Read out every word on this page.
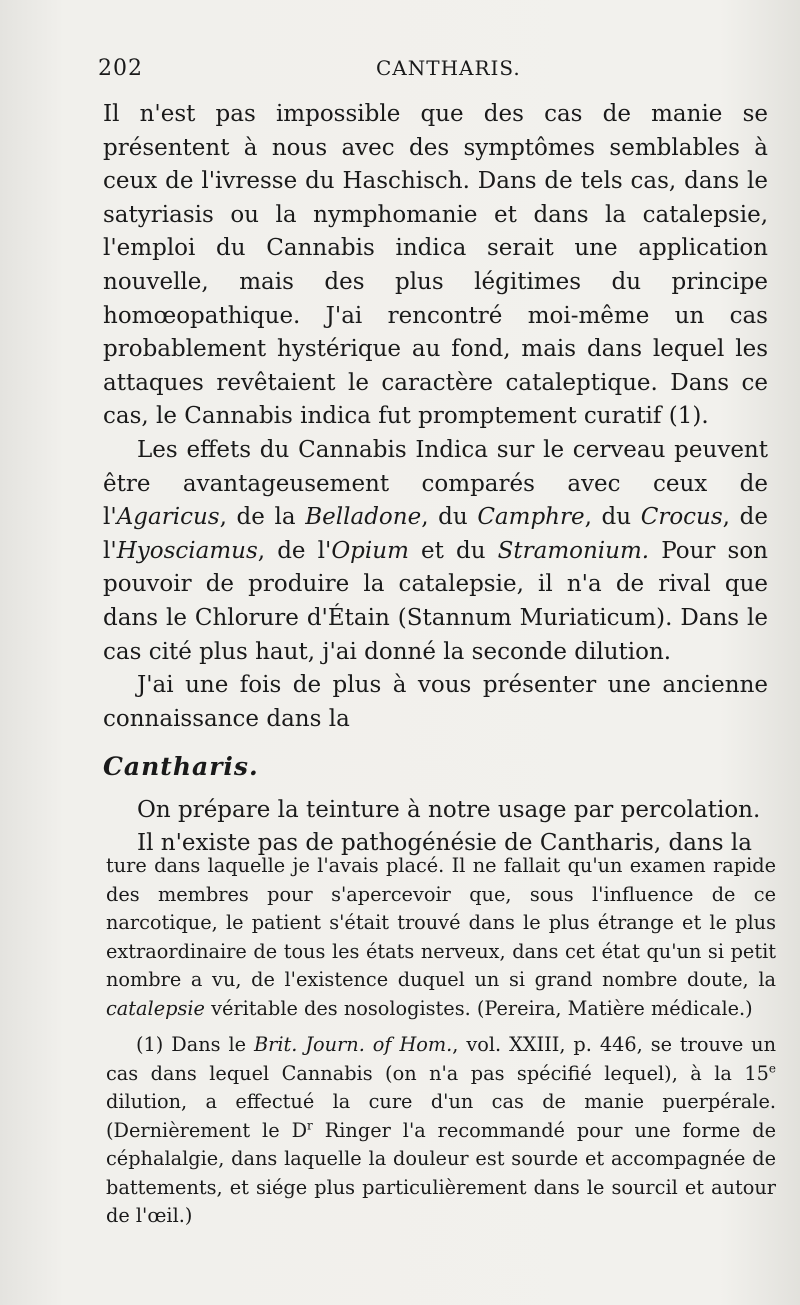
202	CANTHARIS.

Il n'est pas impossible que des cas de manie se présentent à nous avec des symptômes semblables à ceux de l'ivresse du Haschisch. Dans de tels cas, dans le satyriasis ou la nymphomanie et dans la catalepsie, l'emploi du Cannabis indica serait une application nouvelle, mais des plus légitimes du principe homœopathique. J'ai rencontré moi-même un cas probablement hystérique au fond, mais dans lequel les attaques revêtaient le caractère cataleptique. Dans ce cas, le Cannabis indica fut promptement curatif (1).

Les effets du Cannabis Indica sur le cerveau peuvent être avantageusement comparés avec ceux de l'Agaricus, de la Belladone, du Camphre, du Crocus, de l'Hyosciamus, de l'Opium et du Stramonium. Pour son pouvoir de produire la catalepsie, il n'a de rival que dans le Chlorure d'Étain (Stannum Muriaticum). Dans le cas cité plus haut, j'ai donné la seconde dilution.

J'ai une fois de plus à vous présenter une ancienne connaissance dans la

Cantharis.

On prépare la teinture à notre usage par percolation.

Il n'existe pas de pathogénésie de Cantharis, dans la

ture dans laquelle je l'avais placé. Il ne fallait qu'un examen rapide des membres pour s'apercevoir que, sous l'influence de ce narcotique, le patient s'était trouvé dans le plus étrange et le plus extraordinaire de tous les états nerveux, dans cet état qu'un si petit nombre a vu, de l'existence duquel un si grand nombre doute, la catalepsie véritable des nosologistes. (Pereira, Matière médicale.)

(1) Dans le Brit. Journ. of Hom., vol. XXIII, p. 446, se trouve un cas dans lequel Cannabis (on n'a pas spécifié lequel), à la 15e dilution, a effectué la cure d'un cas de manie puerpérale. (Dernièrement le $D^r$ Ringer l'a recommandé pour une forme de céphalalgie, dans laquelle la douleur est sourde et accompagnée de battements, et siége plus particulièrement dans le sourcil et autour de l'œil.)
